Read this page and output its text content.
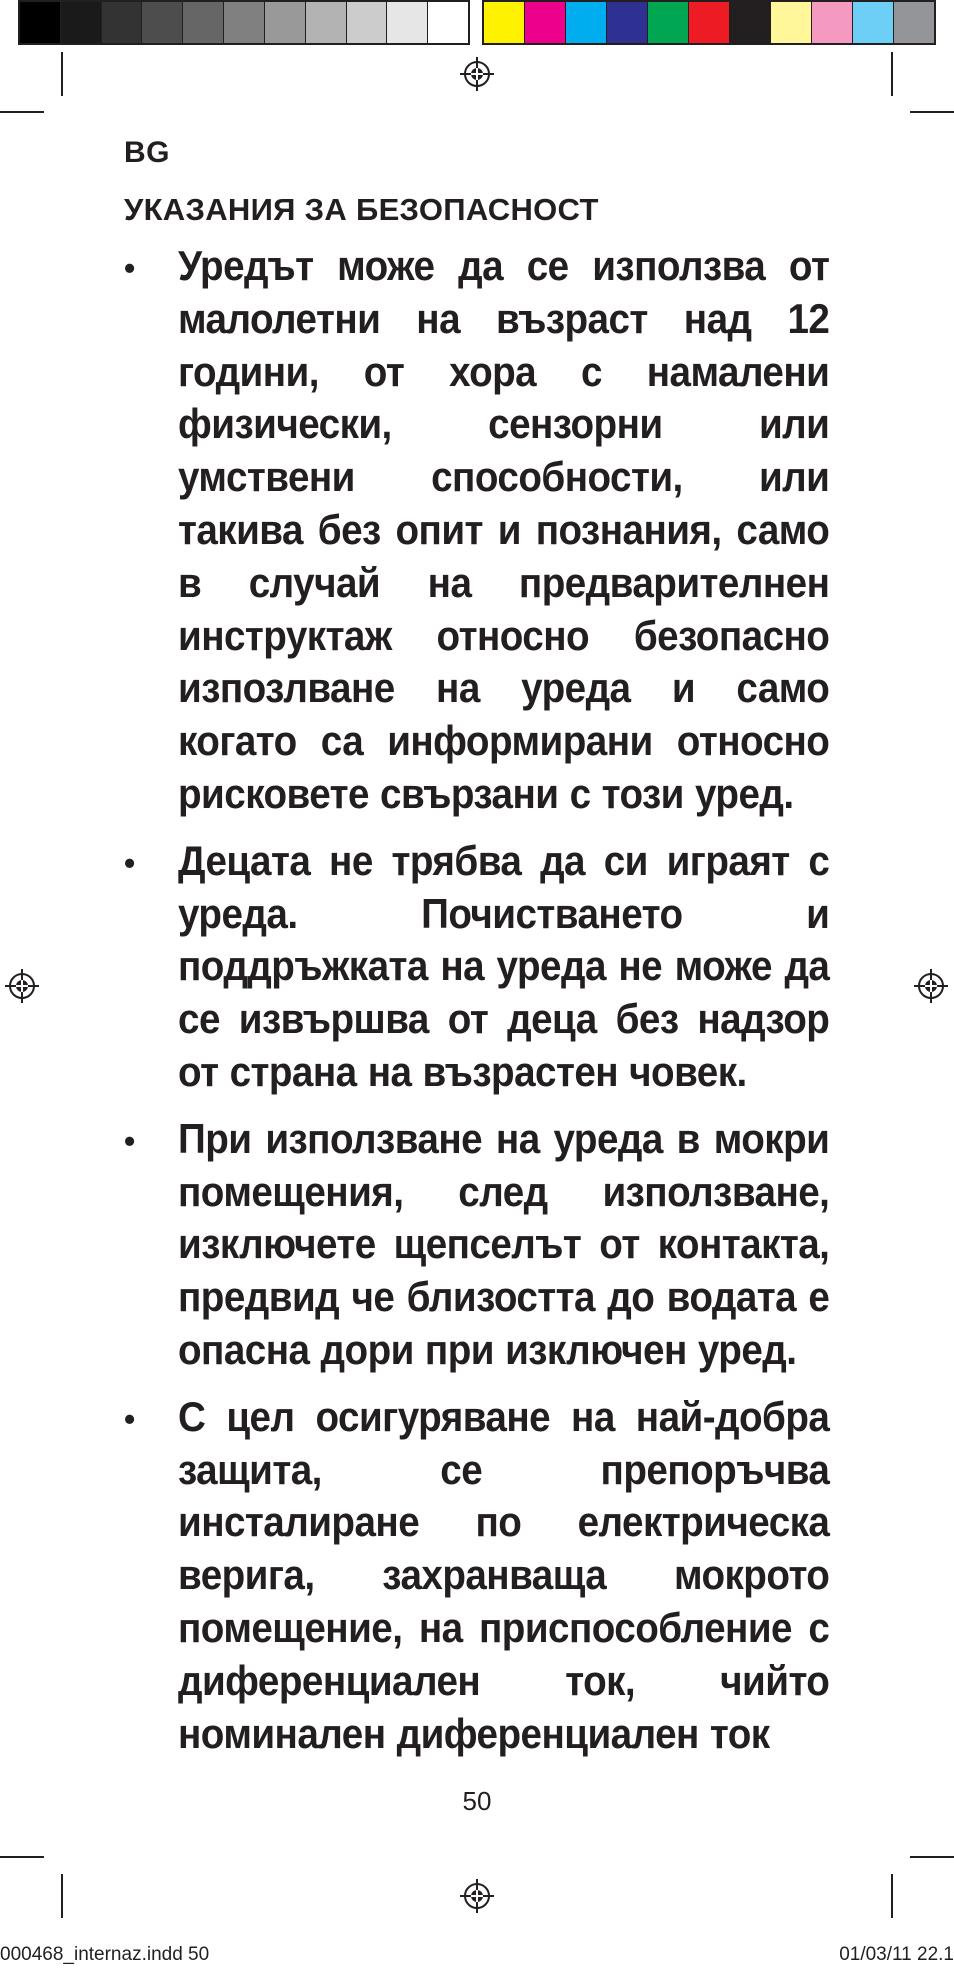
BG
УКАЗАНИЯ ЗА БЕЗОПАСНОСТ
• Уредът може да се използва от малолетни на възраст над 12 години, от хора с намалени физически, сензорни или умствени способности, или такива без опит и познания, само в случай на предварителнен инструктаж относно безопасно изпозлване на уреда и само когато са информирани относно рисковете свързани с този уред.
• Децата не трябва да си играят с уреда. Почистването и поддръжката на уреда не може да се извършва от деца без надзор от страна на възрастен човек.
• При използване на уреда в мокри помещения, след използване, изключете щепселът от контакта, предвид че близостта до водата е опасна дори при изключен уред.
• С цел осигуряване на най-добра защита, се препоръчва инсталиране по електрическа верига, захранваща мокрото помещение, на приспособление с диференциален ток, чийто номинален диференциален ток
50
000468_internaz.indd 50	01/03/11 22.1
